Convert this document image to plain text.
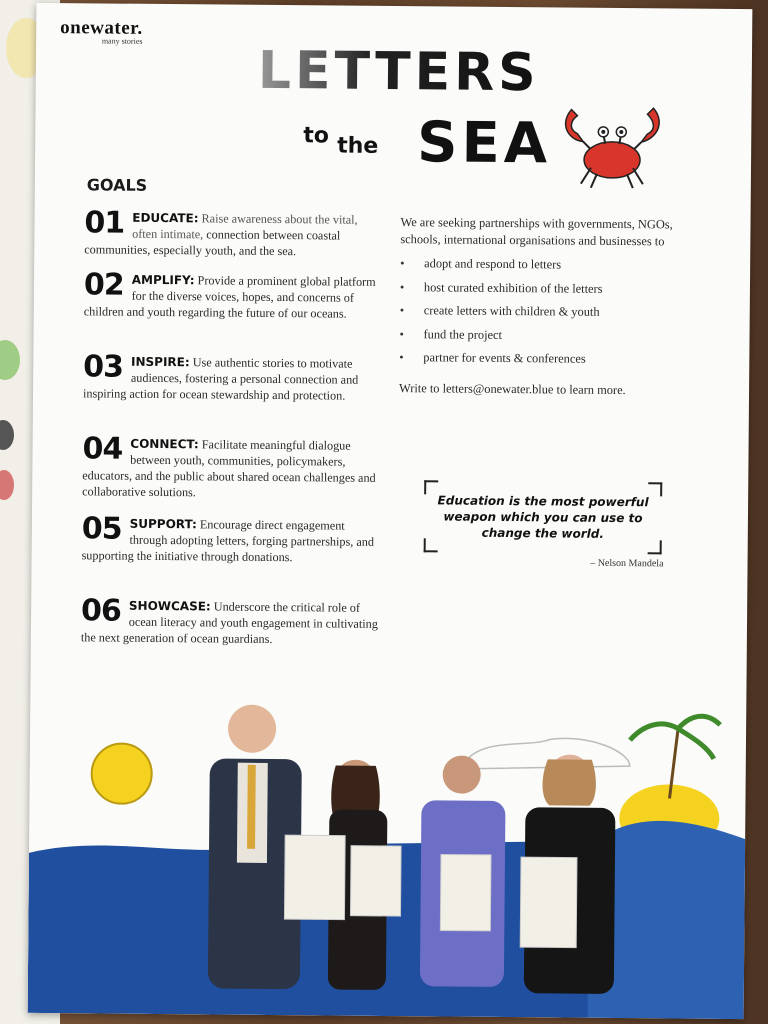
onewater.
many stories LETTERS
to the SEA
GOALS
01 EDUCATE: Raise awareness about the vital, often intimate, connection between coastal communities, especially youth, and the sea.
02 AMPLIFY: Provide a prominent global platform for the diverse voices, hopes, and concerns of children and youth regarding the future of our oceans.
03 INSPIRE: Use authentic stories to motivate audiences, fostering a personal connection and inspiring action for ocean stewardship and protection.
04 CONNECT: Facilitate meaningful dialogue between youth, communities, policymakers, educators, and the public about shared ocean challenges and collaborative solutions.
05 SUPPORT: Encourage direct engagement through adopting letters, forging partnerships, and supporting the initiative through donations.
06 SHOWCASE: Underscore the critical role of ocean literacy and youth engagement in cultivating the next generation of ocean guardians.

We are seeking partnerships with governments, NGOs, schools, international organisations and businesses to

• adopt and respond to letters
• host curated exhibition of the letters
• create letters with children & youth
• fund the project
• partner for events & conferences

Write to letters@onewater.blue to learn more.

Education is the most powerful weapon which you can use to change the world.
– Nelson Mandela
